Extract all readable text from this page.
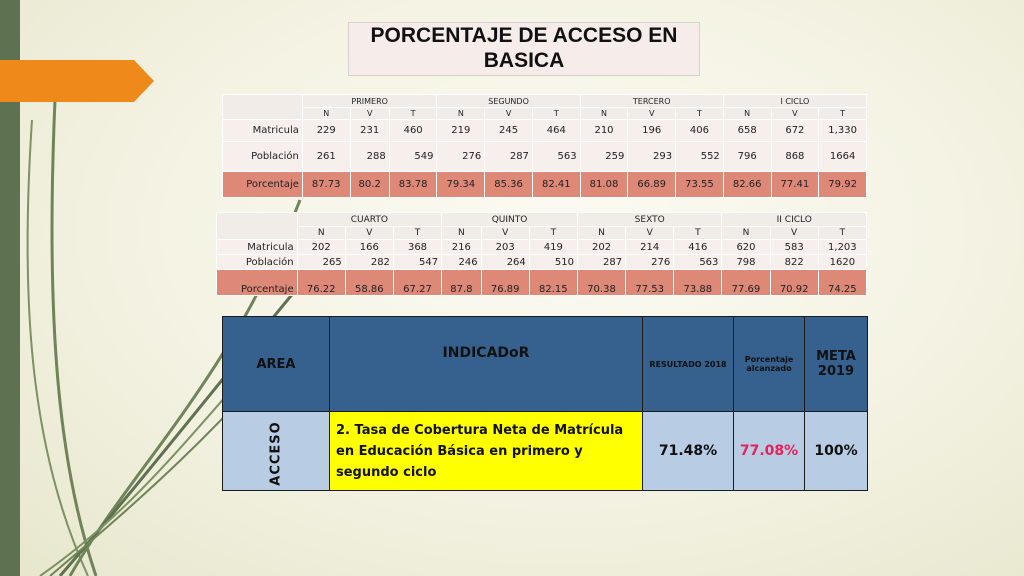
PORCENTAJE DE ACCESO EN BASICA
	PRIMERO			SEGUNDO			TERCERO			I CICLO		
	N	V	T	N	V	T	N	V	T	N	V	T
Matricula	229	231	460	219	245	464	210	196	406	658	672	1,330
Población	261	288	549	276	287	563	259	293	552	796	868	1664
Porcentaje	87.73	80.2	83.78	79.34	85.36	82.41	81.08	66.89	73.55	82.66	77.41	79.92
	CUARTO			QUINTO			SEXTO			II CICLO		
	N	V	T	N	V	T	N	V	T	N	V	T
Matricula	202	166	368	216	203	419	202	214	416	620	583	1,203
Población	265	282	547	246	264	510	287	276	563	798	822	1620
Porcentaje	76.22	58.86	67.27	87.8	76.89	82.15	70.38	77.53	73.88	77.69	70.92	74.25
AREA	INDICADoR	RESULTADO 2018	Porcentaje alcanzado	META 2019
ACCESO	2. Tasa de Cobertura Neta de Matrícula en Educación Básica en primero y segundo ciclo	71.48%	77.08%	100%
